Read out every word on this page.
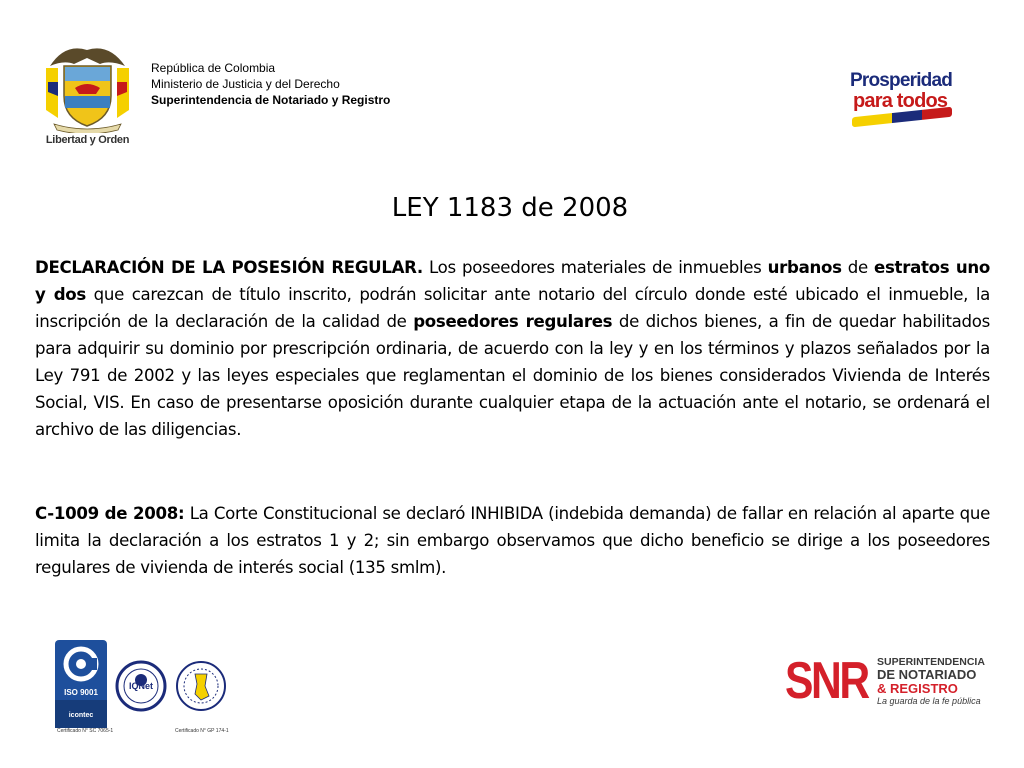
Libertad y Orden
República de Colombia
Ministerio de Justicia y del Derecho
Superintendencia de Notariado y Registro
Prosperidad
para todos
LEY 1183 de 2008
DECLARACIÓN DE LA POSESIÓN REGULAR. Los poseedores materiales de inmuebles urbanos de estratos uno y dos que carezcan de título inscrito, podrán solicitar ante notario del círculo donde esté ubicado el inmueble, la inscripción de la declaración de la calidad de poseedores regulares de dichos bienes, a fin de quedar habilitados para adquirir su dominio por prescripción ordinaria, de acuerdo con la ley y en los términos y plazos señalados por la Ley 791 de 2002 y las leyes especiales que reglamentan el dominio de los bienes considerados Vivienda de Interés Social, VIS. En caso de presentarse oposición durante cualquier etapa de la actuación ante el notario, se ordenará el archivo de las diligencias.
C-1009 de 2008: La Corte Constitucional se declaró INHIBIDA (indebida demanda) de fallar en relación al aparte que limita la declaración a los estratos 1 y 2; sin embargo observamos que dicho beneficio se dirige a los poseedores regulares de vivienda de interés social (135 smlm).
ISO 9001
icontec
IQNet
Certificado N° SC 7065-1	Certificado N° GP 174-1
SNR SUPERINTENDENCIA
DE NOTARIADO
& REGISTRO
La guarda de la fe pública
